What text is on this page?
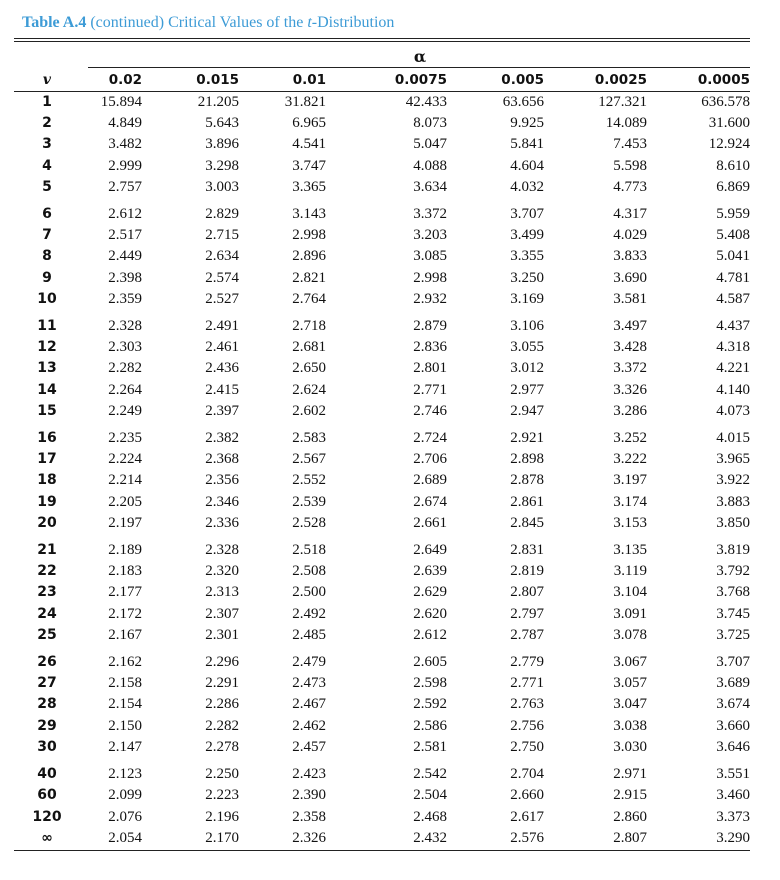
Table A.4 (continued) Critical Values of the t-Distribution
α
v	0.02	0.015	0.01	0.0075	0.005	0.0025	0.0005
1	15.894	21.205	31.821	42.433	63.656	127.321	636.578
2	4.849	5.643	6.965	8.073	9.925	14.089	31.600
3	3.482	3.896	4.541	5.047	5.841	7.453	12.924
4	2.999	3.298	3.747	4.088	4.604	5.598	8.610
5	2.757	3.003	3.365	3.634	4.032	4.773	6.869
6	2.612	2.829	3.143	3.372	3.707	4.317	5.959
7	2.517	2.715	2.998	3.203	3.499	4.029	5.408
8	2.449	2.634	2.896	3.085	3.355	3.833	5.041
9	2.398	2.574	2.821	2.998	3.250	3.690	4.781
10	2.359	2.527	2.764	2.932	3.169	3.581	4.587
11	2.328	2.491	2.718	2.879	3.106	3.497	4.437
12	2.303	2.461	2.681	2.836	3.055	3.428	4.318
13	2.282	2.436	2.650	2.801	3.012	3.372	4.221
14	2.264	2.415	2.624	2.771	2.977	3.326	4.140
15	2.249	2.397	2.602	2.746	2.947	3.286	4.073
16	2.235	2.382	2.583	2.724	2.921	3.252	4.015
17	2.224	2.368	2.567	2.706	2.898	3.222	3.965
18	2.214	2.356	2.552	2.689	2.878	3.197	3.922
19	2.205	2.346	2.539	2.674	2.861	3.174	3.883
20	2.197	2.336	2.528	2.661	2.845	3.153	3.850
21	2.189	2.328	2.518	2.649	2.831	3.135	3.819
22	2.183	2.320	2.508	2.639	2.819	3.119	3.792
23	2.177	2.313	2.500	2.629	2.807	3.104	3.768
24	2.172	2.307	2.492	2.620	2.797	3.091	3.745
25	2.167	2.301	2.485	2.612	2.787	3.078	3.725
26	2.162	2.296	2.479	2.605	2.779	3.067	3.707
27	2.158	2.291	2.473	2.598	2.771	3.057	3.689
28	2.154	2.286	2.467	2.592	2.763	3.047	3.674
29	2.150	2.282	2.462	2.586	2.756	3.038	3.660
30	2.147	2.278	2.457	2.581	2.750	3.030	3.646
40	2.123	2.250	2.423	2.542	2.704	2.971	3.551
60	2.099	2.223	2.390	2.504	2.660	2.915	3.460
120	2.076	2.196	2.358	2.468	2.617	2.860	3.373
∞	2.054	2.170	2.326	2.432	2.576	2.807	3.290
